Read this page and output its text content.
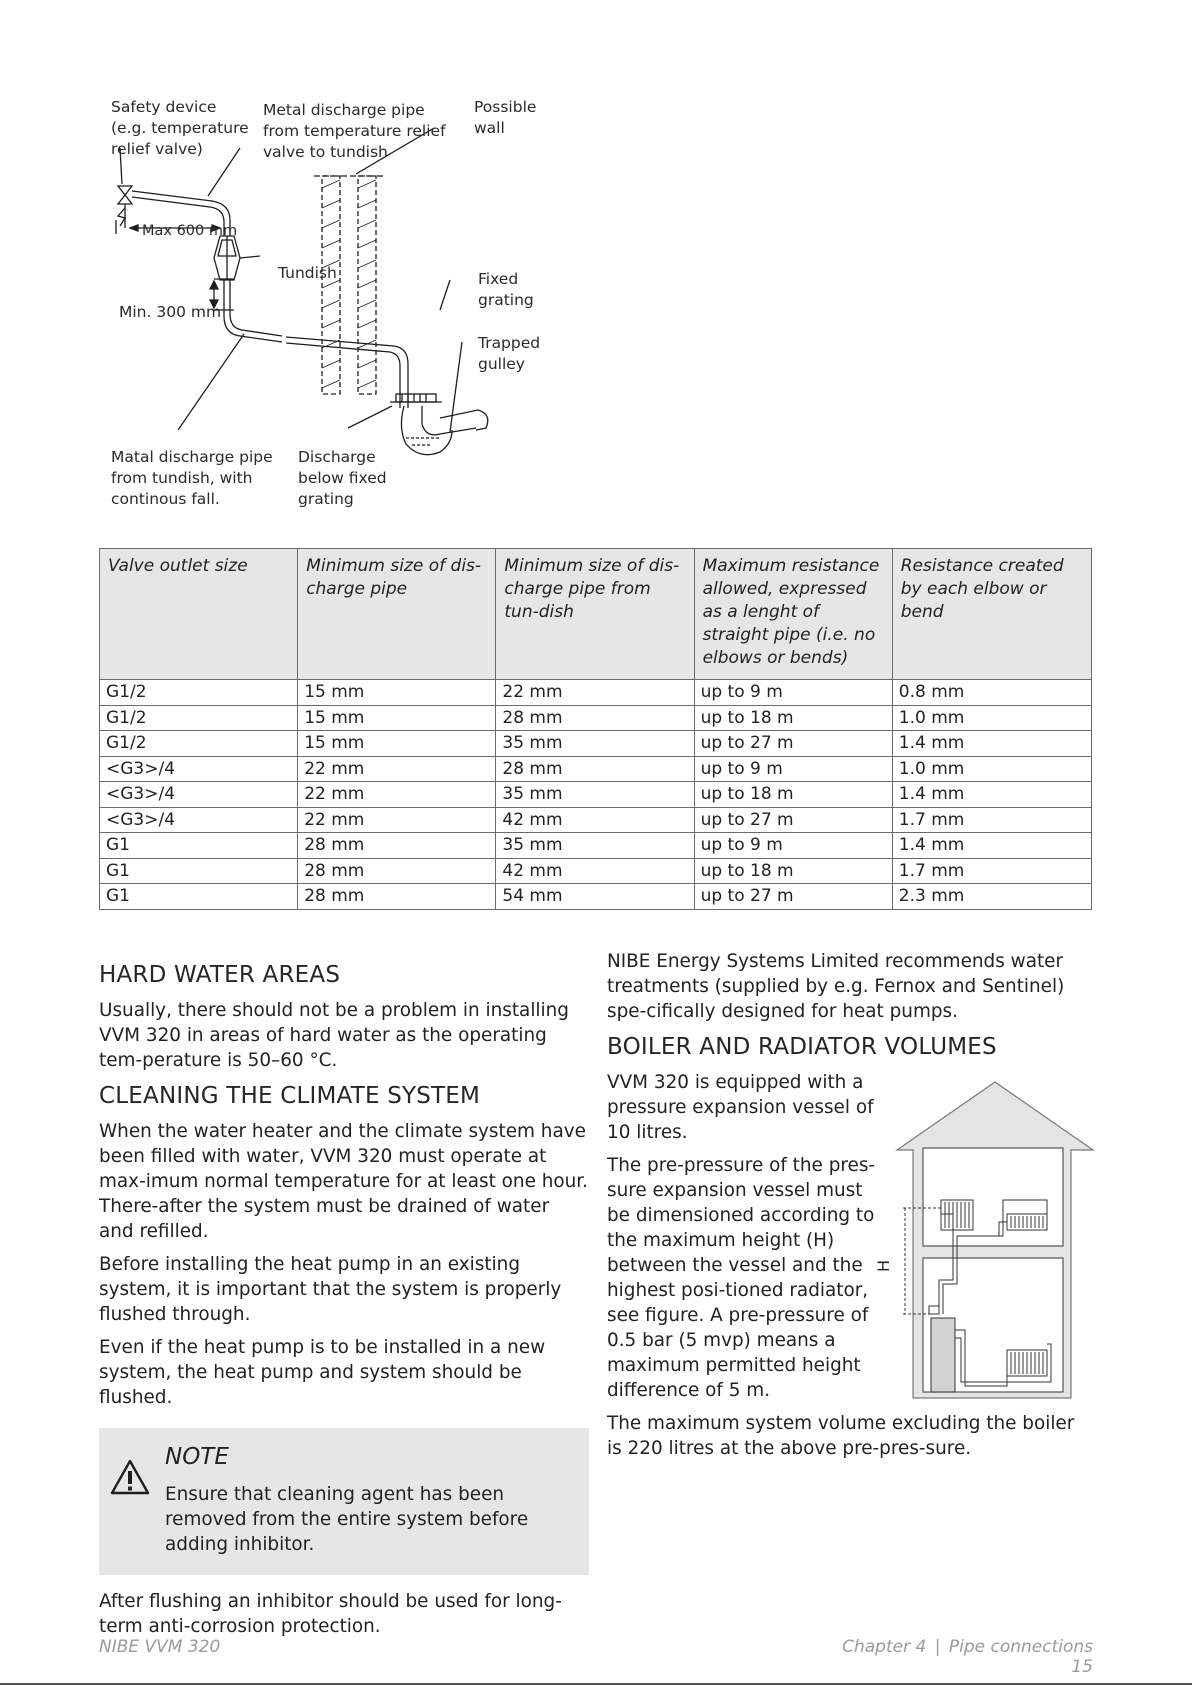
Safety device
(e.g. temperature
relief valve)
Metal discharge pipe
from temperature relief
valve to tundish
Possible
wall
Max 600 mm
Tundish
Min. 300 mm
Fixed
grating
Trapped
gulley
Matal discharge pipe
from tundish, with
continous fall.
Discharge
below fixed
grating
Valve outlet size	Minimum size of dis-charge pipe	Minimum size of dis-charge pipe from tun-dish	Maximum resistance allowed, expressed as a lenght of straight pipe (i.e. no elbows or bends)	Resistance created by each elbow or bend
G1/2	15 mm	22 mm	up to 9 m	0.8 mm
G1/2	15 mm	28 mm	up to 18 m	1.0 mm
G1/2	15 mm	35 mm	up to 27 m	1.4 mm
<G3>/4	22 mm	28 mm	up to 9 m	1.0 mm
<G3>/4	22 mm	35 mm	up to 18 m	1.4 mm
<G3>/4	22 mm	42 mm	up to 27 m	1.7 mm
G1	28 mm	35 mm	up to 9 m	1.4 mm
G1	28 mm	42 mm	up to 18 m	1.7 mm
G1	28 mm	54 mm	up to 27 m	2.3 mm
HARD WATER AREAS

Usually, there should not be a problem in installing VVM 320 in areas of hard water as the operating tem-perature is 50–60 °C.

CLEANING THE CLIMATE SYSTEM

When the water heater and the climate system have been filled with water, VVM 320 must operate at max-imum normal temperature for at least one hour. There-after the system must be drained of water and refilled.

Before installing the heat pump in an existing system, it is important that the system is properly flushed through.

Even if the heat pump is to be installed in a new system, the heat pump and system should be flushed.

NOTE
Ensure that cleaning agent has been removed from the entire system before adding inhibitor.

After flushing an inhibitor should be used for long-term anti-corrosion protection.

NIBE Energy Systems Limited recommends water treatments (supplied by e.g. Fernox and Sentinel) spe-cifically designed for heat pumps.

BOILER AND RADIATOR VOLUMES

VVM 320 is equipped with a pressure expansion vessel of 10 litres.

The pre-pressure of the pres-sure expansion vessel must be dimensioned according to the maximum height (H) between the vessel and the highest posi-tioned radiator, see figure. A pre-pressure of 0.5 bar (5 mvp) means a maximum permitted height difference of 5 m.

The maximum system volume excluding the boiler is 220 litres at the above pre-pres-sure.

H
NIBE VVM 320	Chapter 4 | Pipe connections 15
